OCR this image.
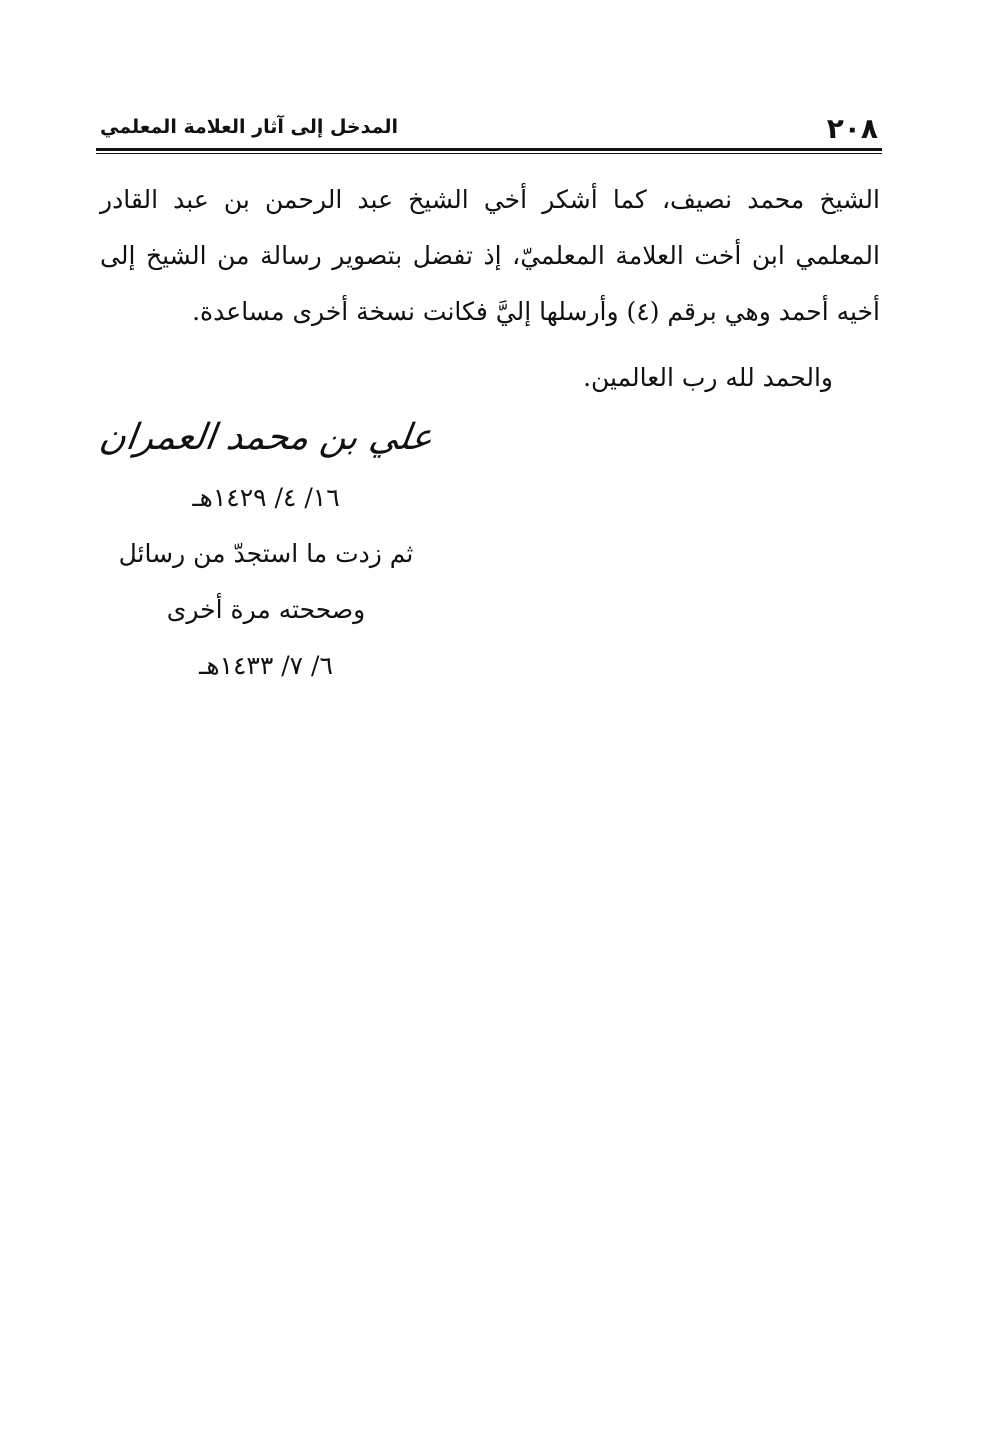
٢٠٨
المدخل إلى آثار العلامة المعلمي

الشيخ محمد نصيف، كما أشكر أخي الشيخ عبد الرحمن بن عبد القادر المعلمي ابن أخت العلامة المعلميّ، إذ تفضل بتصوير رسالة من الشيخ إلى أخيه أحمد وهي برقم (٤) وأرسلها إليَّ فكانت نسخة أخرى مساعدة.

والحمد لله رب العالمين.
علي بن محمد العمران
١٦/ ٤/ ١٤٢٩هـ
ثم زدت ما استجدّ من رسائل
وصححته مرة أخرى
٦/ ٧/ ١٤٣٣هـ
